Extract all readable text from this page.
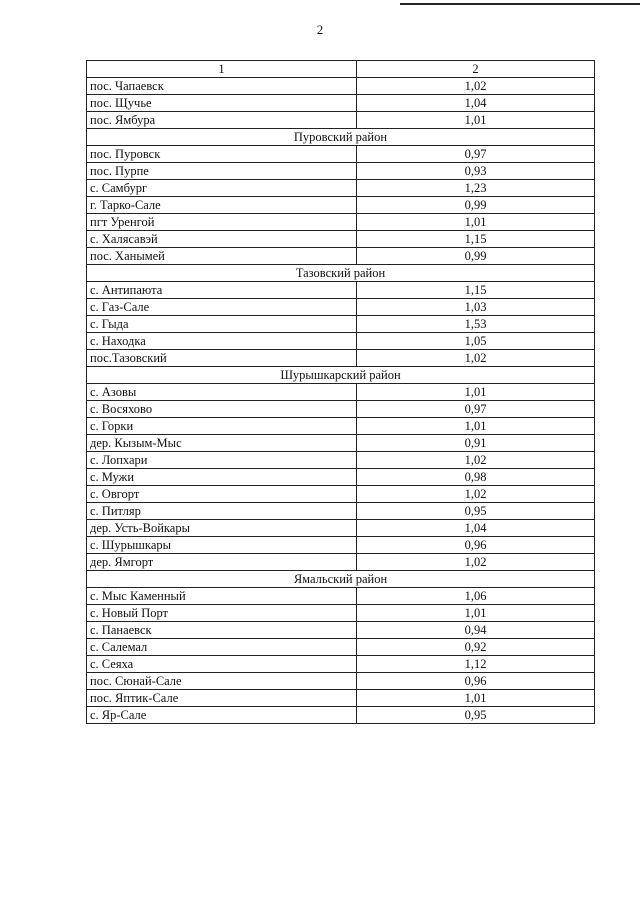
2
1	2
пос. Чапаевск	1,02
пос. Щучье	1,04
пос. Ямбура	1,01
Пуровский район	
пос. Пуровск	0,97
пос. Пурпе	0,93
с. Самбург	1,23
г. Тарко-Сале	0,99
пгт Уренгой	1,01
с. Халясавэй	1,15
пос. Ханымей	0,99
Тазовский район	
с. Антипаюта	1,15
с. Газ-Сале	1,03
с. Гыда	1,53
с. Находка	1,05
пос.Тазовский	1,02
Шурышкарский район	
с. Азовы	1,01
с. Восяхово	0,97
с. Горки	1,01
дер. Кызым-Мыс	0,91
с. Лопхари	1,02
с. Мужи	0,98
с. Овгорт	1,02
с. Питляр	0,95
дер. Усть-Войкары	1,04
с. Шурышкары	0,96
дер. Ямгорт	1,02
Ямальский район	
с. Мыс Каменный	1,06
с. Новый Порт	1,01
с. Панаевск	0,94
с. Салемал	0,92
с. Сеяха	1,12
пос. Сюнай-Сале	0,96
пос. Яптик-Сале	1,01
с. Яр-Сале	0,95
